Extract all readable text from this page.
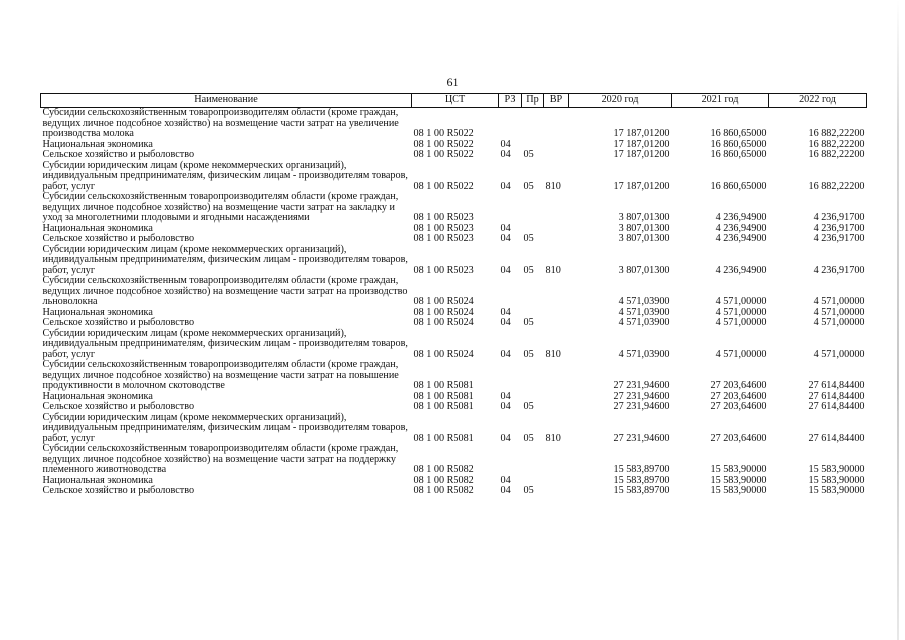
61
Наименование	ЦСТ	РЗ	Пр	ВР	2020 год	2021 год	2022 год
Субсидии сельскохозяйственным товаропроизводителям области (кроме граждан, ведущих личное подсобное хозяйство) на возмещение части затрат на увеличение производства молока	08 1 00 R5022				17 187,01200	16 860,65000	16 882,22200
Национальная экономика	08 1 00 R5022	04			17 187,01200	16 860,65000	16 882,22200
Сельское хозяйство и рыболовство	08 1 00 R5022	04	05		17 187,01200	16 860,65000	16 882,22200
Субсидии юридическим лицам (кроме некоммерческих организаций), индивидуальным предпринимателям, физическим лицам - производителям товаров, работ, услуг	08 1 00 R5022	04	05	810	17 187,01200	16 860,65000	16 882,22200
Субсидии сельскохозяйственным товаропроизводителям области (кроме граждан, ведущих личное подсобное хозяйство) на возмещение части затрат на закладку и уход за многолетними плодовыми и ягодными насаждениями	08 1 00 R5023				3 807,01300	4 236,94900	4 236,91700
Национальная экономика	08 1 00 R5023	04			3 807,01300	4 236,94900	4 236,91700
Сельское хозяйство и рыболовство	08 1 00 R5023	04	05		3 807,01300	4 236,94900	4 236,91700
Субсидии юридическим лицам (кроме некоммерческих организаций), индивидуальным предпринимателям, физическим лицам - производителям товаров, работ, услуг	08 1 00 R5023	04	05	810	3 807,01300	4 236,94900	4 236,91700
Субсидии сельскохозяйственным товаропроизводителям области (кроме граждан, ведущих личное подсобное хозяйство) на возмещение части затрат на производство льноволокна	08 1 00 R5024				4 571,03900	4 571,00000	4 571,00000
Национальная экономика	08 1 00 R5024	04			4 571,03900	4 571,00000	4 571,00000
Сельское хозяйство и рыболовство	08 1 00 R5024	04	05		4 571,03900	4 571,00000	4 571,00000
Субсидии юридическим лицам (кроме некоммерческих организаций), индивидуальным предпринимателям, физическим лицам - производителям товаров, работ, услуг	08 1 00 R5024	04	05	810	4 571,03900	4 571,00000	4 571,00000
Субсидии сельскохозяйственным товаропроизводителям области (кроме граждан, ведущих личное подсобное хозяйство) на возмещение части затрат на повышение продуктивности в молочном скотоводстве	08 1 00 R5081				27 231,94600	27 203,64600	27 614,84400
Национальная экономика	08 1 00 R5081	04			27 231,94600	27 203,64600	27 614,84400
Сельское хозяйство и рыболовство	08 1 00 R5081	04	05		27 231,94600	27 203,64600	27 614,84400
Субсидии юридическим лицам (кроме некоммерческих организаций), индивидуальным предпринимателям, физическим лицам - производителям товаров, работ, услуг	08 1 00 R5081	04	05	810	27 231,94600	27 203,64600	27 614,84400
Субсидии сельскохозяйственным товаропроизводителям области (кроме граждан, ведущих личное подсобное хозяйство) на возмещение части затрат на поддержку племенного животноводства	08 1 00 R5082				15 583,89700	15 583,90000	15 583,90000
Национальная экономика	08 1 00 R5082	04			15 583,89700	15 583,90000	15 583,90000
Сельское хозяйство и рыболовство	08 1 00 R5082	04	05		15 583,89700	15 583,90000	15 583,90000
